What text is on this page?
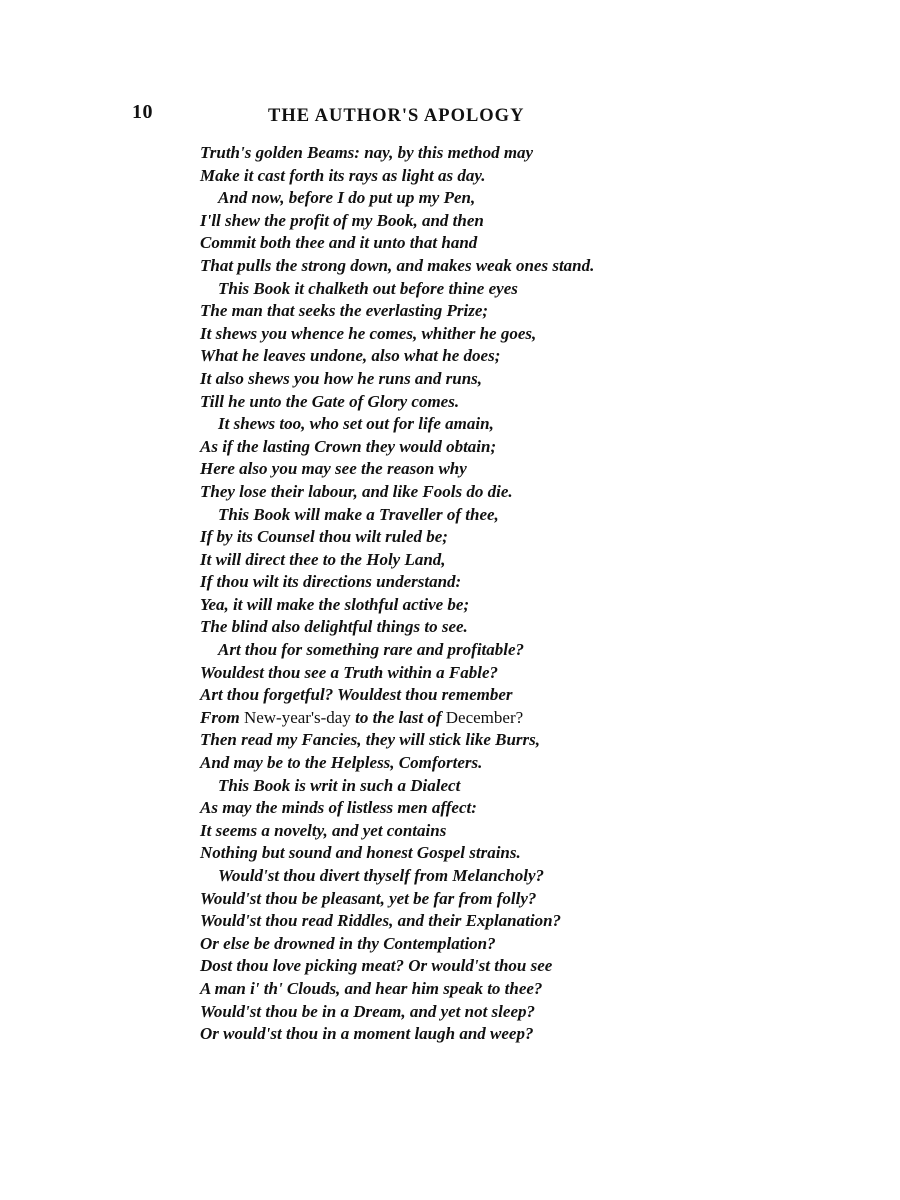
10	THE AUTHOR'S APOLOGY
Truth's golden Beams: nay, by this method may
Make it cast forth its rays as light as day.
And now, before I do put up my Pen,
I'll shew the profit of my Book, and then
Commit both thee and it unto that hand
That pulls the strong down, and makes weak ones stand.
This Book it chalketh out before thine eyes
The man that seeks the everlasting Prize;
It shews you whence he comes, whither he goes,
What he leaves undone, also what he does;
It also shews you how he runs and runs,
Till he unto the Gate of Glory comes.
It shews too, who set out for life amain,
As if the lasting Crown they would obtain;
Here also you may see the reason why
They lose their labour, and like Fools do die.
This Book will make a Traveller of thee,
If by its Counsel thou wilt ruled be;
It will direct thee to the Holy Land,
If thou wilt its directions understand:
Yea, it will make the slothful active be;
The blind also delightful things to see.
Art thou for something rare and profitable?
Wouldest thou see a Truth within a Fable?
Art thou forgetful? Wouldest thou remember
From New-year's-day to the last of December?
Then read my Fancies, they will stick like Burrs,
And may be to the Helpless, Comforters.
This Book is writ in such a Dialect
As may the minds of listless men affect:
It seems a novelty, and yet contains
Nothing but sound and honest Gospel strains.
Would'st thou divert thyself from Melancholy?
Would'st thou be pleasant, yet be far from folly?
Would'st thou read Riddles, and their Explanation?
Or else be drowned in thy Contemplation?
Dost thou love picking meat? Or would'st thou see
A man i' th' Clouds, and hear him speak to thee?
Would'st thou be in a Dream, and yet not sleep?
Or would'st thou in a moment laugh and weep?
